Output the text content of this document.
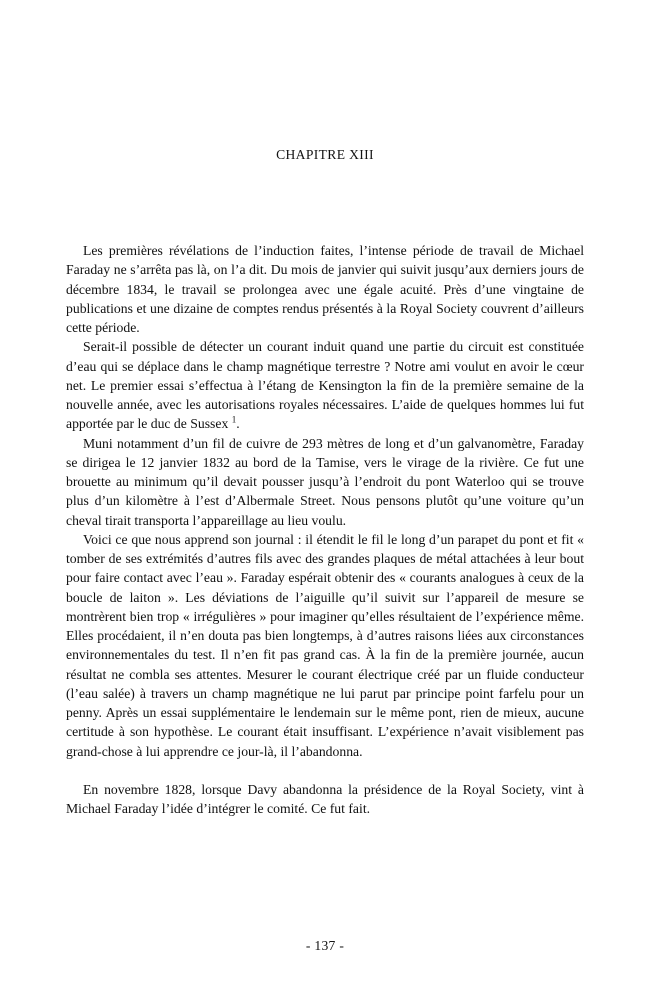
CHAPITRE XIII

Les premières révélations de l’induction faites, l’intense période de travail de Michael Faraday ne s’arrêta pas là, on l’a dit. Du mois de janvier qui suivit jusqu’aux derniers jours de décembre 1834, le travail se prolongea avec une égale acuité. Près d’une vingtaine de publications et une dizaine de comptes rendus présentés à la Royal Society couvrent d’ailleurs cette période.

Serait-il possible de détecter un courant induit quand une partie du circuit est constituée d’eau qui se déplace dans le champ magnétique terrestre ? Notre ami voulut en avoir le cœur net. Le premier essai s’effectua à l’étang de Kensington la fin de la première semaine de la nouvelle année, avec les autorisations royales nécessaires. L’aide de quelques hommes lui fut apportée par le duc de Sussex $^1$.

Muni notamment d’un fil de cuivre de 293 mètres de long et d’un galvanomètre, Faraday se dirigea le 12 janvier 1832 au bord de la Tamise, vers le virage de la rivière. Ce fut une brouette au minimum qu’il devait pousser jusqu’à l’endroit du pont Waterloo qui se trouve plus d’un kilomètre à l’est d’Albermale Street. Nous pensons plutôt qu’une voiture qu’un cheval tirait transporta l’appareillage au lieu voulu.

Voici ce que nous apprend son journal : il étendit le fil le long d’un parapet du pont et fit « tomber de ses extrémités d’autres fils avec des grandes plaques de métal attachées à leur bout pour faire contact avec l’eau ». Faraday espérait obtenir des « courants analogues à ceux de la boucle de laiton ». Les déviations de l’aiguille qu’il suivit sur l’appareil de mesure se montrèrent bien trop « irrégulières » pour imaginer qu’elles résultaient de l’expérience même. Elles procédaient, il n’en douta pas bien longtemps, à d’autres raisons liées aux circonstances environnementales du test. Il n’en fit pas grand cas. À la fin de la première journée, aucun résultat ne combla ses attentes. Mesurer le courant électrique créé par un fluide conducteur (l’eau salée) à travers un champ magnétique ne lui parut par principe point farfelu pour un penny. Après un essai supplémentaire le lendemain sur le même pont, rien de mieux, aucune certitude à son hypothèse. Le courant était insuffisant. L’expérience n’avait visiblement pas grand-chose à lui apprendre ce jour-là, il l’abandonna.

En novembre 1828, lorsque Davy abandonna la présidence de la Royal Society, vint à Michael Faraday l’idée d’intégrer le comité. Ce fut fait.

- 137 -
